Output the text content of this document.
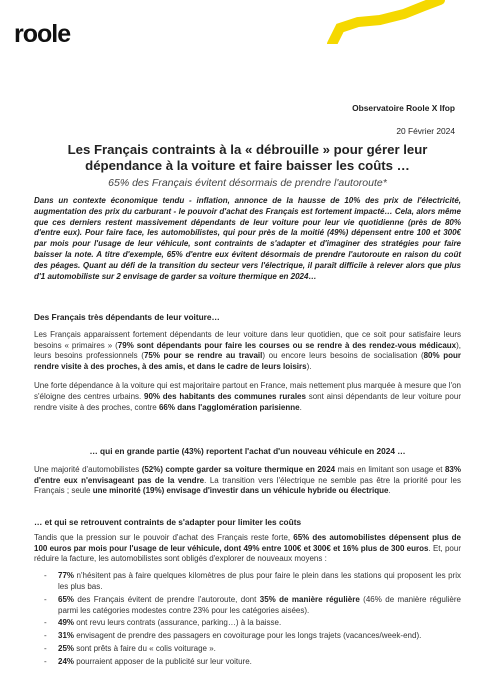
roole
Observatoire Roole X Ifop
20 Février 2024
Les Français contraints à la « débrouille » pour gérer leur dépendance à la voiture et faire baisser les coûts …
65% des Français évitent désormais de prendre l'autoroute*
Dans un contexte économique tendu - inflation, annonce de la hausse de 10% des prix de l'électricité, augmentation des prix du carburant - le pouvoir d'achat des Français est fortement impacté… Cela, alors même que ces derniers restent massivement dépendants de leur voiture pour leur vie quotidienne (près de 80% d'entre eux). Pour faire face, les automobilistes, qui pour près de la moitié (49%) dépensent entre 100 et 300€ par mois pour l'usage de leur véhicule, sont contraints de s'adapter et d'imaginer des stratégies pour faire baisser la note. A titre d'exemple, 65% d'entre eux évitent désormais de prendre l'autoroute en raison du coût des péages. Quant au défi de la transition du secteur vers l'électrique, il paraît difficile à relever alors que plus d'1 automobiliste sur 2 envisage de garder sa voiture thermique en 2024…
Des Français très dépendants de leur voiture…
Les Français apparaissent fortement dépendants de leur voiture dans leur quotidien, que ce soit pour satisfaire leurs besoins « primaires » (79% sont dépendants pour faire les courses ou se rendre à des rendez-vous médicaux), leurs besoins professionnels (75% pour se rendre au travail) ou encore leurs besoins de socialisation (80% pour rendre visite à des proches, à des amis, et dans le cadre de leurs loisirs).
Une forte dépendance à la voiture qui est majoritaire partout en France, mais nettement plus marquée à mesure que l'on s'éloigne des centres urbains. 90% des habitants des communes rurales sont ainsi dépendants de leur voiture pour rendre visite à des proches, contre 66% dans l'agglomération parisienne.
… qui en grande partie (43%) reportent l'achat d'un nouveau véhicule en 2024 …
Une majorité d'automobilistes (52%) compte garder sa voiture thermique en 2024 mais en limitant son usage et 83% d'entre eux n'envisageant pas de la vendre. La transition vers l'électrique ne semble pas être la priorité pour les Français ; seule une minorité (19%) envisage d'investir dans un véhicule hybride ou électrique.
… et qui se retrouvent contraints de s'adapter pour limiter les coûts
Tandis que la pression sur le pouvoir d'achat des Français reste forte, 65% des automobilistes dépensent plus de 100 euros par mois pour l'usage de leur véhicule, dont 49% entre 100€ et 300€ et 16% plus de 300 euros. Et, pour réduire la facture, les automobilistes sont obligés d'explorer de nouveaux moyens :
- 77% n'hésitent pas à faire quelques kilomètres de plus pour faire le plein dans les stations qui proposent les prix les plus bas.
- 65% des Français évitent de prendre l'autoroute, dont 35% de manière régulière (46% de manière régulière parmi les catégories modestes contre 23% pour les catégories aisées).
- 49% ont revu leurs contrats (assurance, parking…) à la baisse.
- 31% envisagent de prendre des passagers en covoiturage pour les longs trajets (vacances/week-end).
- 25% sont prêts à faire du « colis voiturage ».
- 24% pourraient apposer de la publicité sur leur voiture.
